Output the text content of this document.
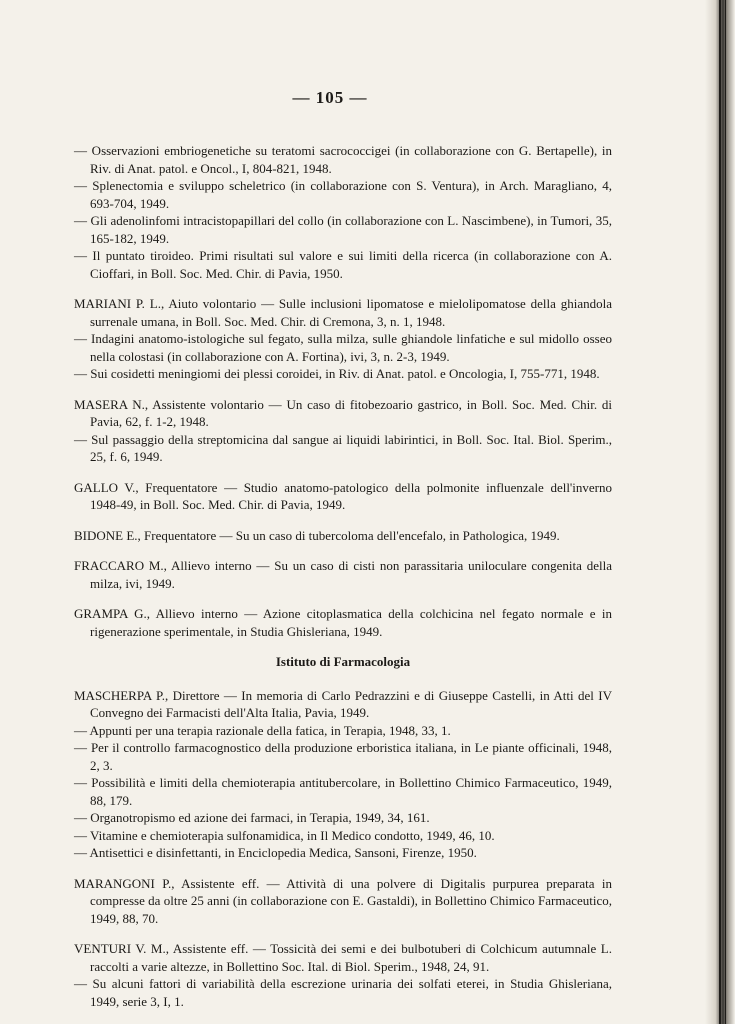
— 105 —

— Osservazioni embriogenetiche su teratomi sacrococcigei (in collaborazione con G. Bertapelle), in Riv. di Anat. patol. e Oncol., I, 804-821, 1948.

— Splenectomia e sviluppo scheletrico (in collaborazione con S. Ventura), in Arch. Maragliano, 4, 693-704, 1949.

— Gli adenolinfomi intracistopapillari del collo (in collaborazione con L. Nascimbene), in Tumori, 35, 165-182, 1949.

— Il puntato tiroideo. Primi risultati sul valore e sui limiti della ricerca (in collaborazione con A. Cioffari, in Boll. Soc. Med. Chir. di Pavia, 1950.

MARIANI P. L., Aiuto volontario — Sulle inclusioni lipomatose e mielolipomatose della ghiandola surrenale umana, in Boll. Soc. Med. Chir. di Cremona, 3, n. 1, 1948.

— Indagini anatomo-istologiche sul fegato, sulla milza, sulle ghiandole linfatiche e sul midollo osseo nella colostasi (in collaborazione con A. Fortina), ivi, 3, n. 2-3, 1949.

— Sui cosidetti meningiomi dei plessi coroidei, in Riv. di Anat. patol. e Oncologia, I, 755-771, 1948.

MASERA N., Assistente volontario — Un caso di fitobezoario gastrico, in Boll. Soc. Med. Chir. di Pavia, 62, f. 1-2, 1948.

— Sul passaggio della streptomicina dal sangue ai liquidi labirintici, in Boll. Soc. Ital. Biol. Sperim., 25, f. 6, 1949.

GALLO V., Frequentatore — Studio anatomo-patologico della polmonite influenzale dell'inverno 1948-49, in Boll. Soc. Med. Chir. di Pavia, 1949.

BIDONE E., Frequentatore — Su un caso di tubercoloma dell'encefalo, in Pathologica, 1949.

FRACCARO M., Allievo interno — Su un caso di cisti non parassitaria uniloculare congenita della milza, ivi, 1949.

GRAMPA G., Allievo interno — Azione citoplasmatica della colchicina nel fegato normale e in rigenerazione sperimentale, in Studia Ghisleriana, 1949.

Istituto di Farmacologia

MASCHERPA P., Direttore — In memoria di Carlo Pedrazzini e di Giuseppe Castelli, in Atti del IV Convegno dei Farmacisti dell'Alta Italia, Pavia, 1949.

— Appunti per una terapia razionale della fatica, in Terapia, 1948, 33, 1.

— Per il controllo farmacognostico della produzione erboristica italiana, in Le piante officinali, 1948, 2, 3.

— Possibilità e limiti della chemioterapia antitubercolare, in Bollettino Chimico Farmaceutico, 1949, 88, 179.

— Organotropismo ed azione dei farmaci, in Terapia, 1949, 34, 161.

— Vitamine e chemioterapia sulfonamidica, in Il Medico condotto, 1949, 46, 10.

— Antisettici e disinfettanti, in Enciclopedia Medica, Sansoni, Firenze, 1950.

MARANGONI P., Assistente eff. — Attività di una polvere di Digitalis purpurea preparata in compresse da oltre 25 anni (in collaborazione con E. Gastaldi), in Bollettino Chimico Farmaceutico, 1949, 88, 70.

VENTURI V. M., Assistente eff. — Tossicità dei semi e dei bulbotuberi di Colchicum autumnale L. raccolti a varie altezze, in Bollettino Soc. Ital. di Biol. Sperim., 1948, 24, 91.

— Su alcuni fattori di variabilità della escrezione urinaria dei solfati eterei, in Studia Ghisleriana, 1949, serie 3, I, 1.
